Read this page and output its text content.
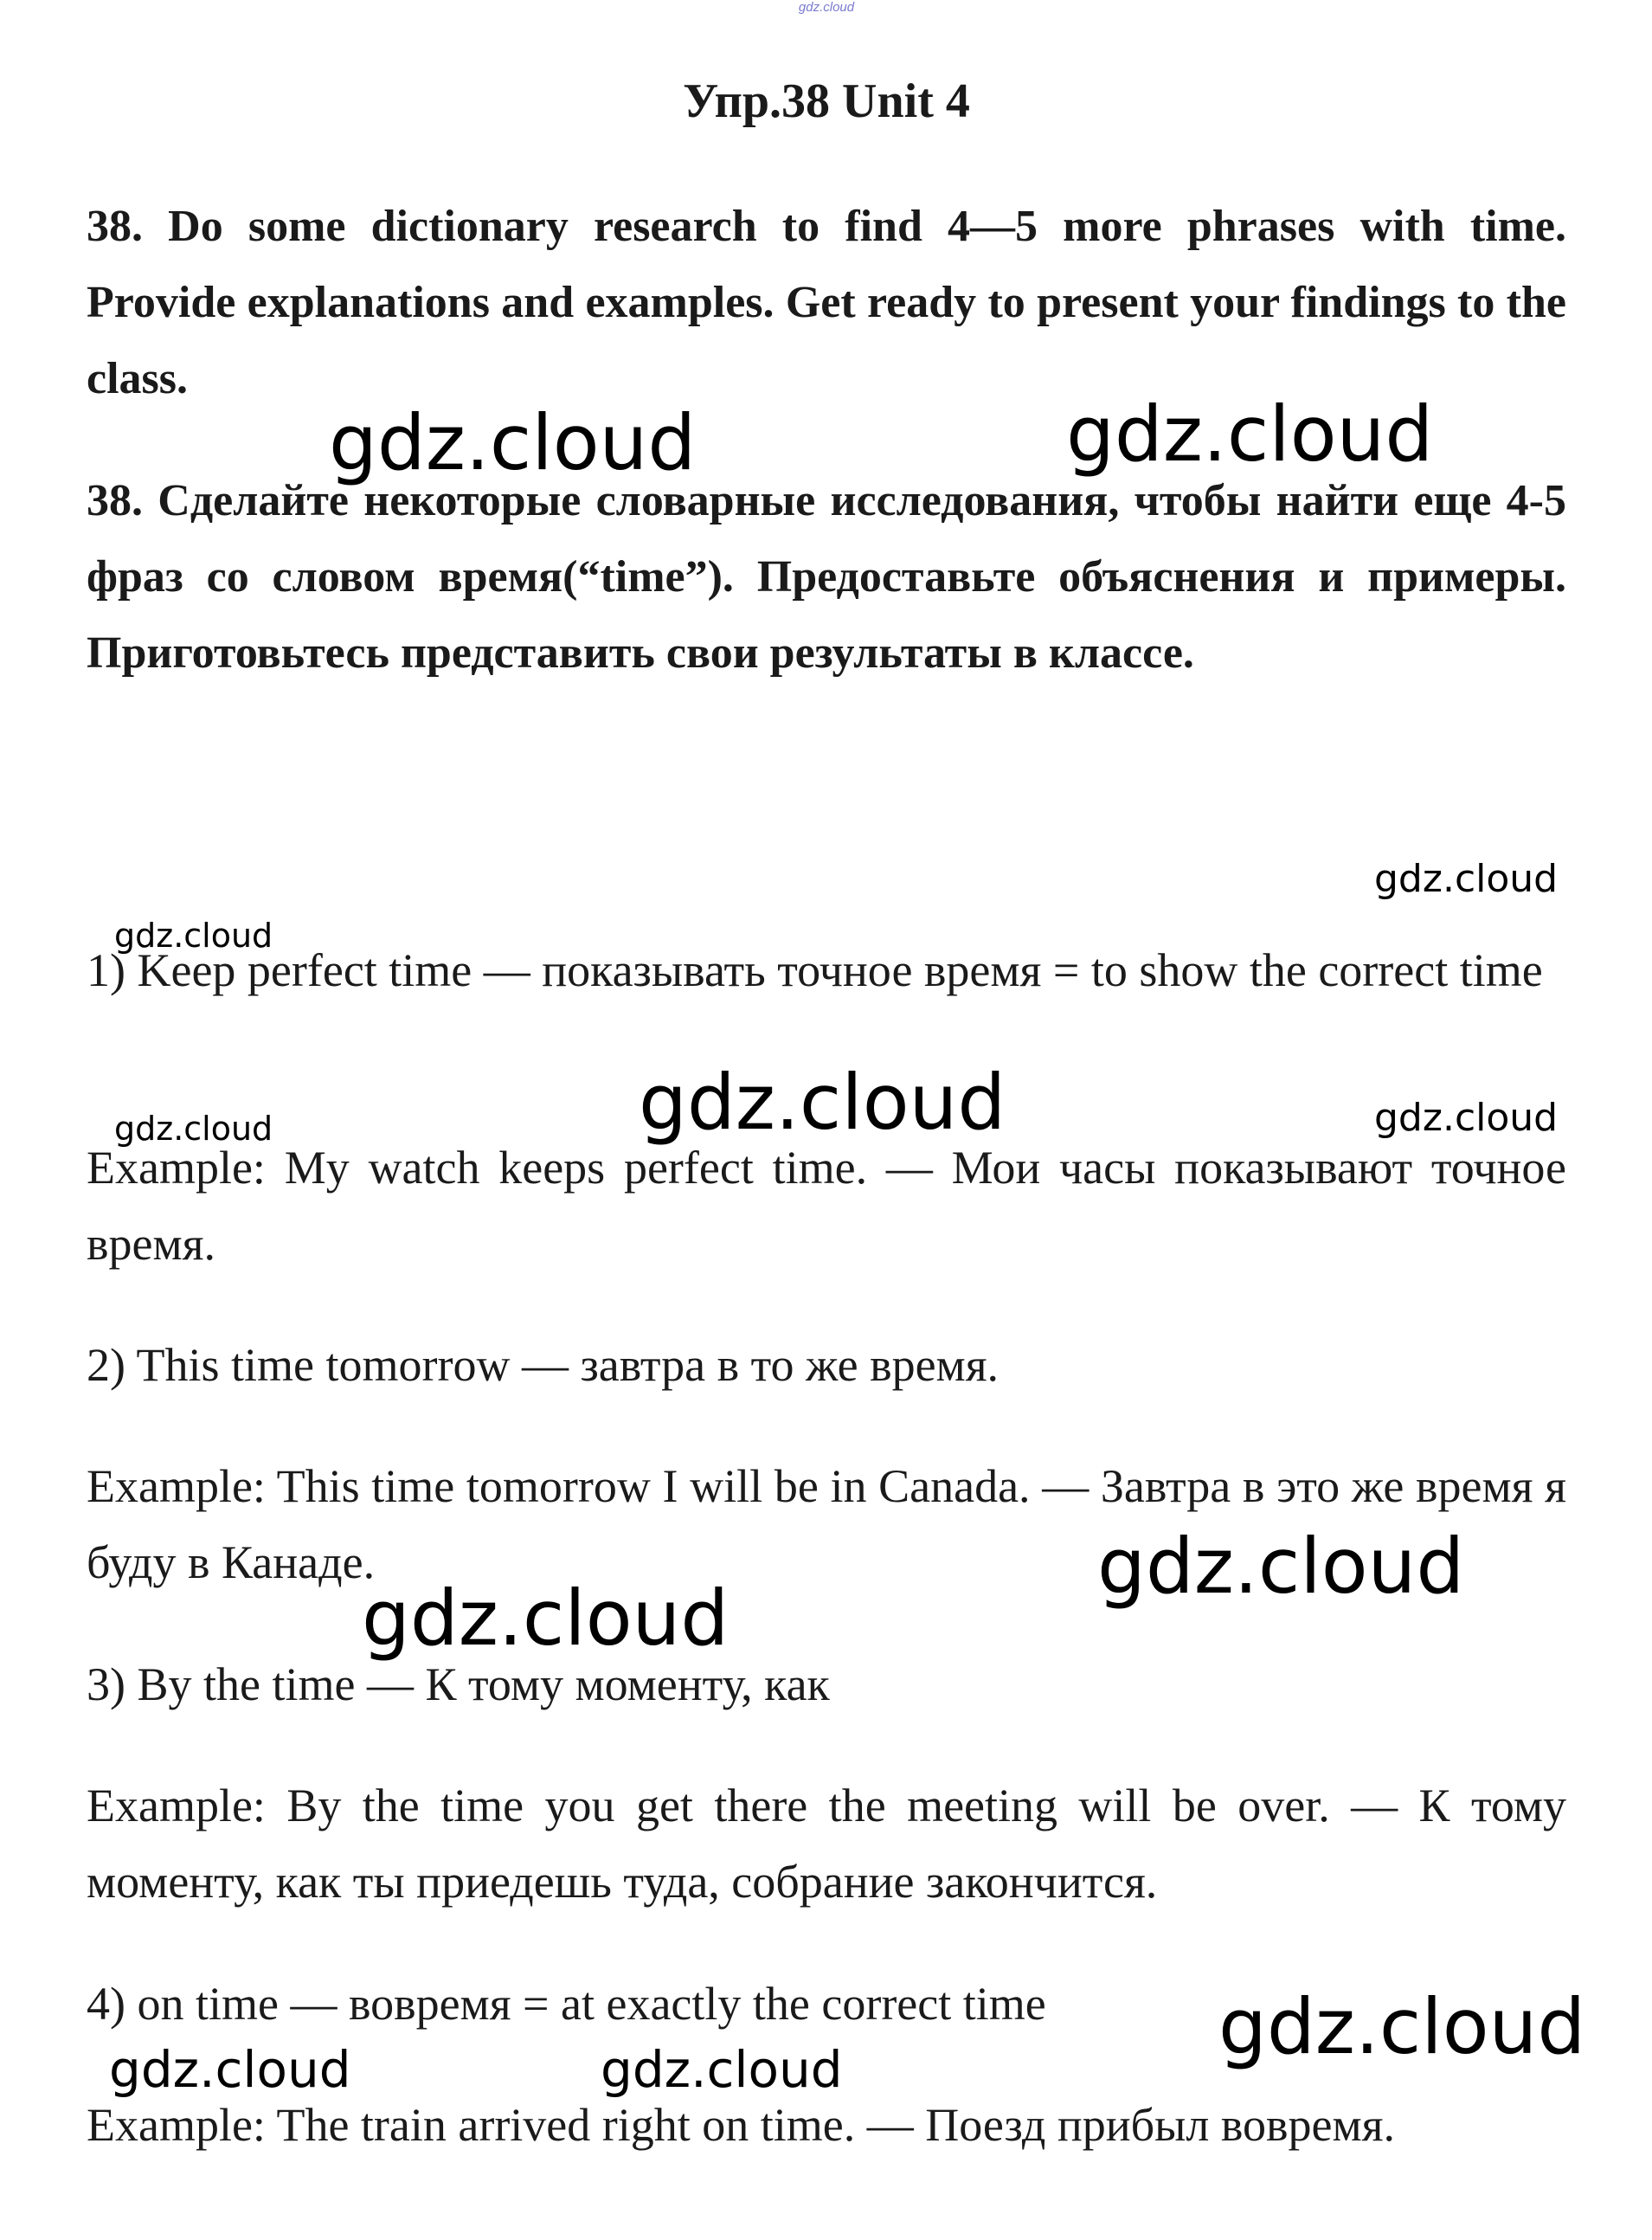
gdz.cloud
Упр.38 Unit 4
38. Do some dictionary research to find 4—5 more phrases with time. Provide explanations and examples. Get ready to present your findings to the class.
38. Сделайте некоторые словарные исследования, чтобы найти еще 4-5 фраз со словом время(“time”). Предоставьте объяснения и примеры. Приготовьтесь представить свои результаты в классе.
1) Keep perfect time — показывать точное время = to show the correct time
Example: My watch keeps perfect time. — Мои часы показывают точное время.
2) This time tomorrow — завтра в то же время.
Example: This time tomorrow I will be in Canada. — Завтра в это же время я буду в Канаде.
3) By the time — К тому моменту, как
Example: By the time you get there the meeting will be over. — К тому моменту, как ты приедешь туда, собрание закончится.
4) on time — вовремя = at exactly the correct time
Example: The train arrived right on time. — Поезд прибыл вовремя.
gdz.cloud	gdz.cloud
gdz.cloud
gdz.cloud
gdz.cloud
gdz.cloud	gdz.cloud
gdz.cloud
gdz.cloud
gdz.cloud
gdz.cloud	gdz.cloud
